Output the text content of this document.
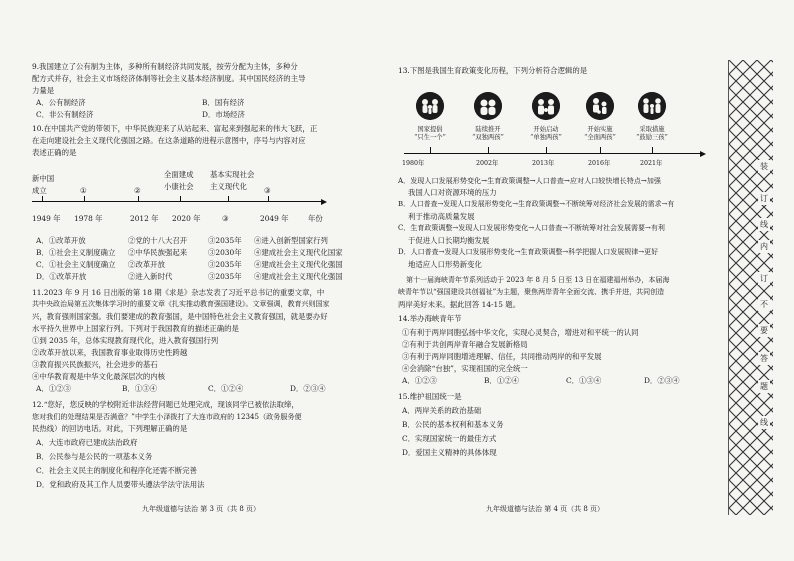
9.我国建立了公有制为主体，多种所有制经济共同发展，按劳分配为主体，多种分
配方式并存，社会主义市场经济体制等社会主义基本经济制度。其中国民经济的主导
力量是
A．公有制经济	B．国有经济
C．非公有制经济	D．市场经济
10.在中国共产党的带领下，中华民族迎来了从站起来、富起来到强起来的伟大飞跃，正
在走向建设社会主义现代化强国之路。在这条道路的进程示意图中，序号与内容对应
表述正确的是
新中国
成立	①	②
全面建成
小康社会
基本实现社会
主义现代化 ③
1949 年 1978 年	2012 年 2020 年	③	2049 年	年份
A．①改革开放	②党的十八大召开	③2035年 ④进入创新型国家行列
B．①社会主义制度确立 ②中华民族强起来	③2030年 ④建成社会主义现代化国家
C．①社会主义制度确立 ②改革开放	③2035年 ④建成社会主义现代化强国
D．①改革开放	②进入新时代	③2035年 ④建成社会主义现代化强国
11.2023 年 9 月 16 日出版的第 18 期《求是》杂志发表了习近平总书记的重要文章，中
共中央政治局第五次集体学习时的重要文章《扎实推动教育强国建设》。文章强调，教育兴则国家
兴，教育强则国家强。我们要建成的教育强国，是中国特色社会主义教育强国，就是要办好
水平持久世界中上国家行列。下列对于我国教育的描述正确的是
①到 2035 年，总体实现教育现代化，进入教育强国行列
②改革开放以来，我国教育事业取得历史性跨越
③教育振兴民族振兴，社会进步的基石
④中华教育观是中华文化最深层次的内核
A．①②③	B．①③④	C．①②④	D．②③④
12.“您好，您反映的学校附近非法经营问题已处理完成，现该同学已被依法取缔，
您对我们的处理结果是否满意？”中学生小泽拨打了大连市政府的 12345（政务服务便
民热线）的回访电话。对此，下列理解正确的是
A．大连市政府已建成法治政府
B．公民参与是公民的一项基本义务
C．社会主义民主的制度化和程序化还需不断完善
D．党和政府及其工作人员要带头遵法学法守法用法
九年级道德与法治 第 3 页（共 8 页）
13.下图是我国生育政策变化历程，下列分析符合逻辑的是
国家提倡
“只生一个”
陆续推开
“双独两孩”
开始启动
“单独两孩”
开始实施
“全面两孩”
采取措施
“鼓励三孩”
1980年	2002年	2013年	2016年	2021年
A．发现人口发展形势变化→生育政策调整→人口普查→应对人口较快增长特点→加强
我国人口对资源环境的压力
B．人口普查→发现人口发展形势变化→生育政策调整→不断统筹对经济社会发展的需求→有
利于推动高质量发展
C．生育政策调整→发现人口发展形势变化→人口普查→不断统筹对社会发展需要→有利
于促进人口长期均衡发展
D．人口普查→发现人口发展形势变化→生育政策调整→科学把握人口发展规律→更好
地适应人口形势新变化
第十一届海峡青年节系列活动于 2023 年 8 月 5 日至 13 日在福建福州举办，本届海
峡青年节以“强国建设共创福祉”为主题，聚焦两岸青年全面交流、携手并进，共同创造
两岸美好未来。据此回答 14-15 题。
14.举办海峡青年节
①有利于两岸同胞弘扬中华文化，实现心灵契合，增进对和平统一的认同
②有利于共创两岸青年融合发展新格局
③有利于两岸同胞增进理解、信任，共同推动两岸的和平发展
④会消除“台独”，实现祖国的完全统一
A．①②③	B．①②④	C．①③④	D．②③④
15.维护祖国统一是
A．两岸关系的政治基础
B．公民的基本权利和基本义务
C．实现国家统一的最佳方式
D．爱国主义精神的具体体现
九年级道德与法治 第 4 页（共 8 页）
装
订
线
内
订
不
要
答
题
线
